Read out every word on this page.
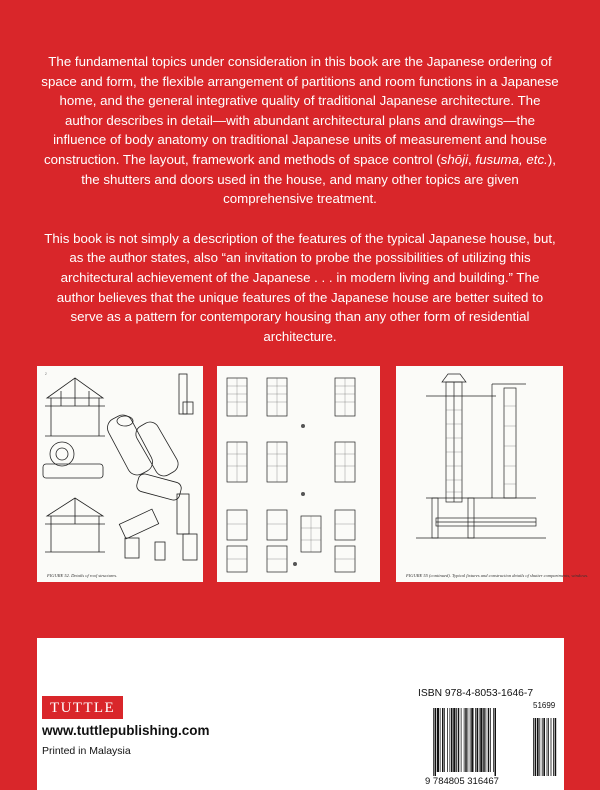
The fundamental topics under consideration in this book are the Japanese ordering of space and form, the flexible arrangement of partitions and room functions in a Japanese home, and the general integrative quality of traditional Japanese architecture. The author describes in detail—with abundant architectural plans and drawings—the influence of body anatomy on traditional Japanese units of measurement and house construction. The layout, framework and methods of space control (shōji, fusuma, etc.), the shutters and doors used in the house, and many other topics are given comprehensive treatment.

This book is not simply a description of the features of the typical Japanese house, but, as the author states, also “an invitation to probe the possibilities of utilizing this architectural achievement of the Japanese . . . in modern living and building.” The author believes that the unique features of the Japanese house are better suited to serve as a pattern for contemporary housing than any other form of residential architecture.

2
FIGURE 52. Details of roof structures.	FIGURE 55 (continued). Typical fixtures and construction details of shutter compartments, windows.
TUTTLE
www.tuttlepublishing.com
Printed in Malaysia
ISBN 978-4-8053-1646-7
51699
9 784805 316467
